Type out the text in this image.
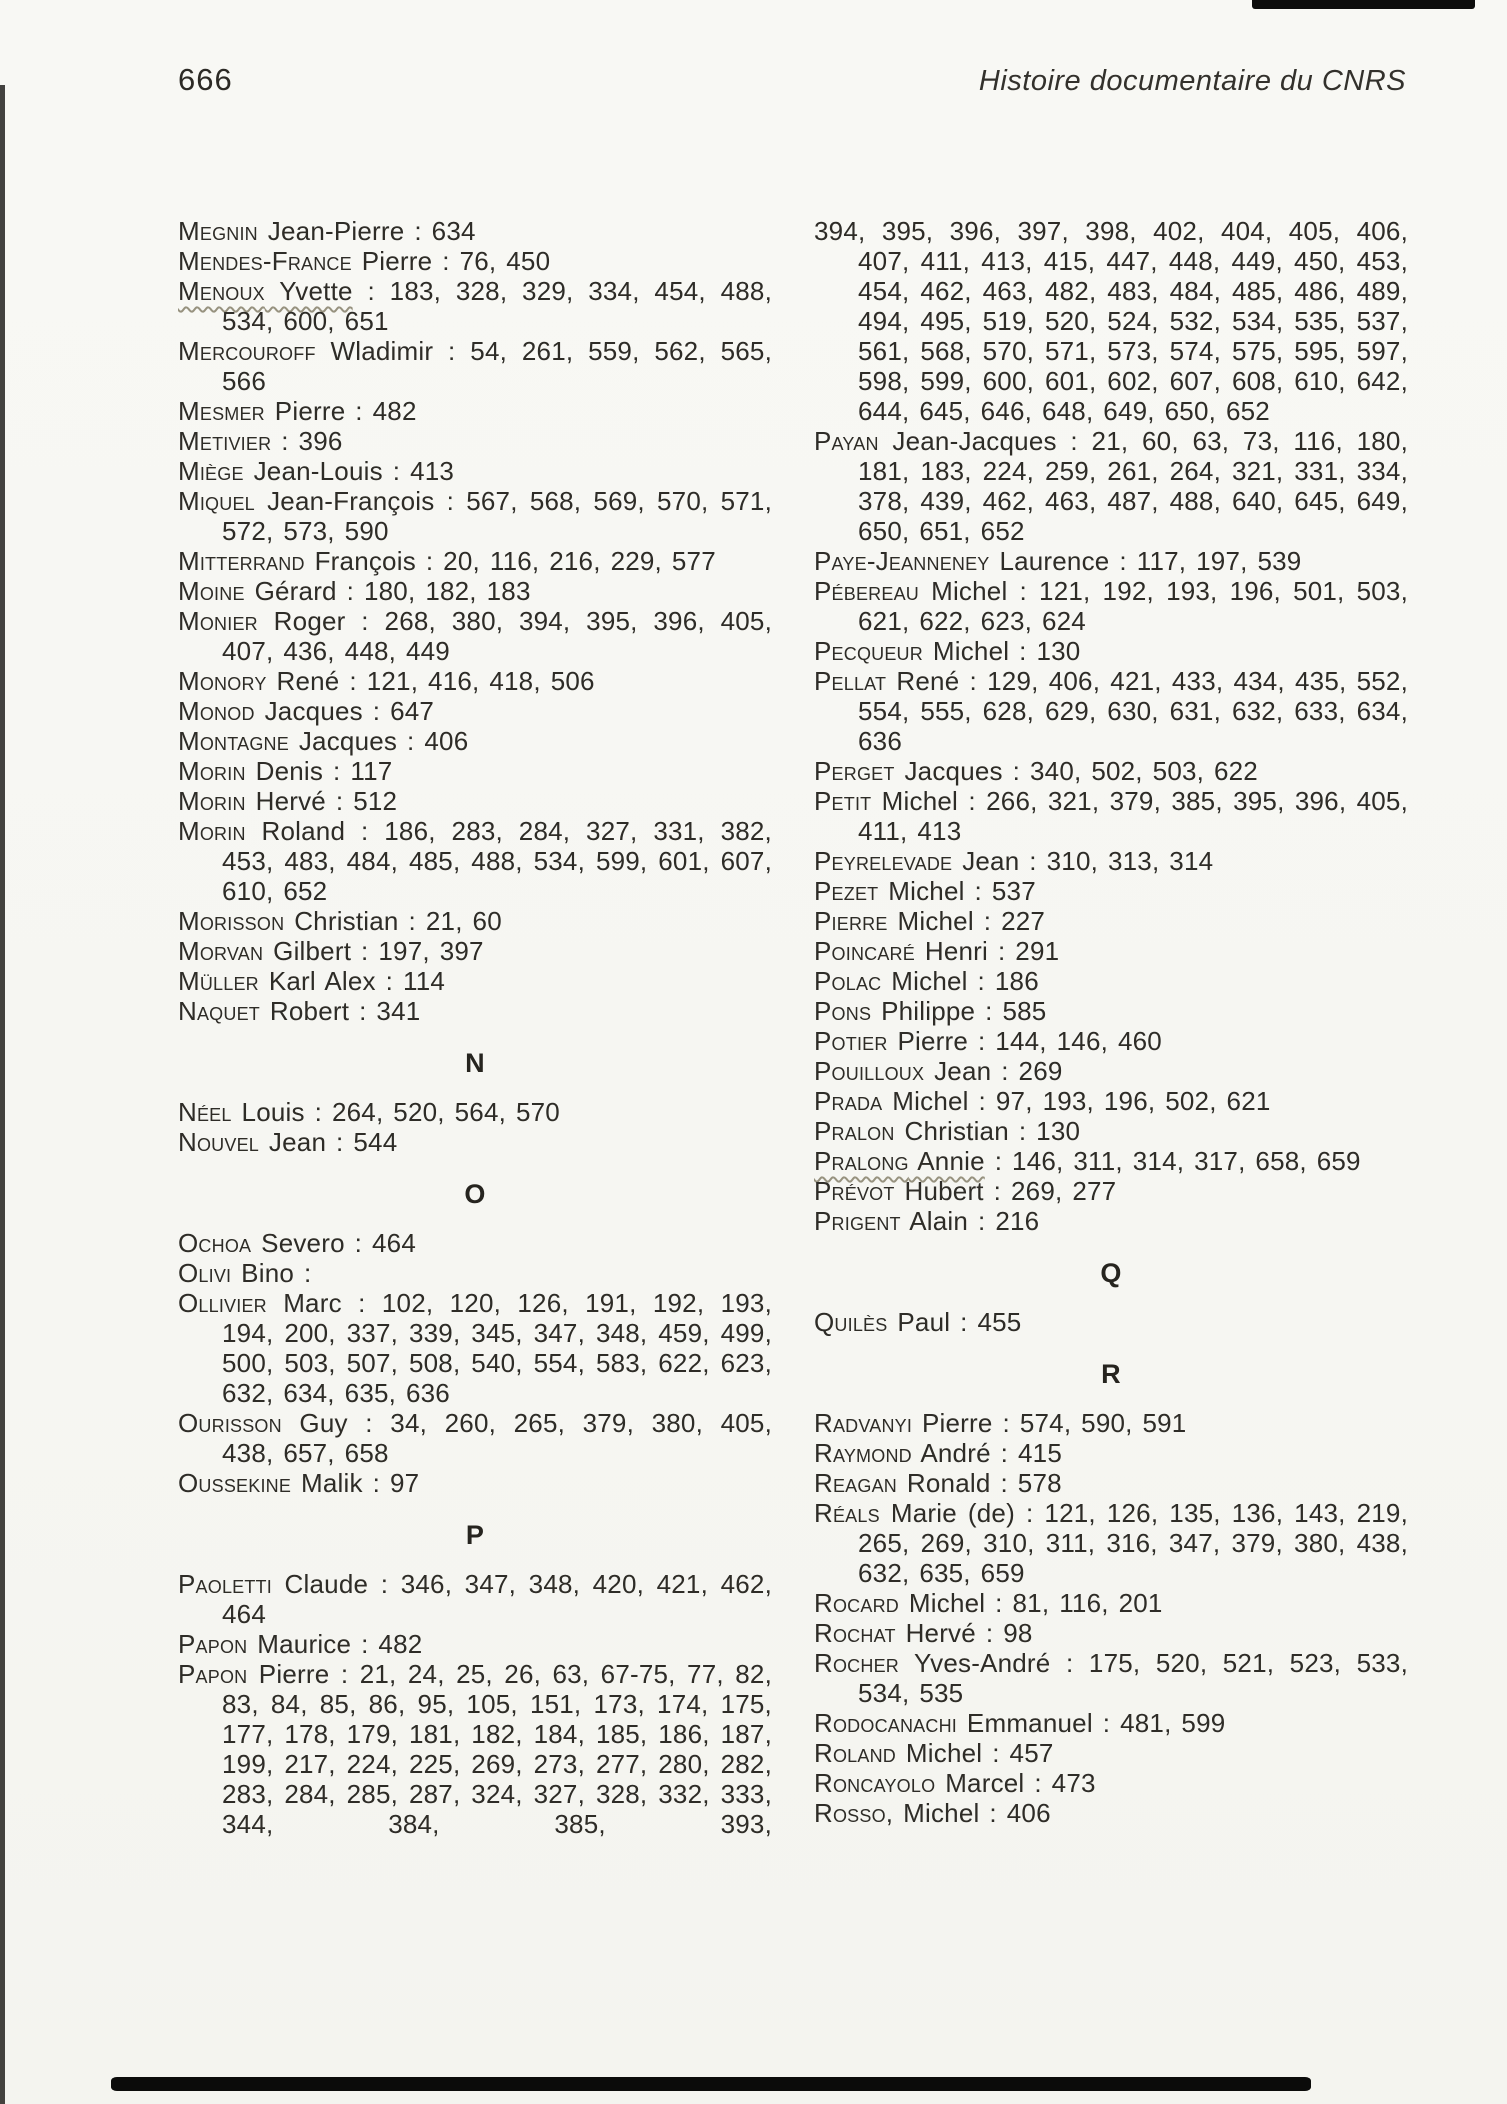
666	Histoire documentaire du CNRS
Megnin Jean-Pierre : 634
Mendes-France Pierre : 76, 450
Menoux Yvette : 183, 328, 329, 334, 454, 488, 534, 600, 651
Mercouroff Wladimir : 54, 261, 559, 562, 565, 566
Mesmer Pierre : 482
Metivier : 396
Miège Jean-Louis : 413
Miquel Jean-François : 567, 568, 569, 570, 571, 572, 573, 590
Mitterrand François : 20, 116, 216, 229, 577
Moine Gérard : 180, 182, 183
Monier Roger : 268, 380, 394, 395, 396, 405, 407, 436, 448, 449
Monory René : 121, 416, 418, 506
Monod Jacques : 647
Montagne Jacques : 406
Morin Denis : 117
Morin Hervé : 512
Morin Roland : 186, 283, 284, 327, 331, 382, 453, 483, 484, 485, 488, 534, 599, 601, 607, 610, 652
Morisson Christian : 21, 60
Morvan Gilbert : 197, 397
Müller Karl Alex : 114
Naquet Robert : 341
N
Néel Louis : 264, 520, 564, 570
Nouvel Jean : 544
O
Ochoa Severo : 464
Olivi Bino :
Ollivier Marc : 102, 120, 126, 191, 192, 193, 194, 200, 337, 339, 345, 347, 348, 459, 499, 500, 503, 507, 508, 540, 554, 583, 622, 623, 632, 634, 635, 636
Ourisson Guy : 34, 260, 265, 379, 380, 405, 438, 657, 658
Oussekine Malik : 97
P
Paoletti Claude : 346, 347, 348, 420, 421, 462, 464
Papon Maurice : 482
Papon Pierre : 21, 24, 25, 26, 63, 67-75, 77, 82, 83, 84, 85, 86, 95, 105, 151, 173, 174, 175, 177, 178, 179, 181, 182, 184, 185, 186, 187, 199, 217, 224, 225, 269, 273, 277, 280, 282, 283, 284, 285, 287, 324, 327, 328, 332, 333, 344, 384, 385, 393,
394, 395, 396, 397, 398, 402, 404, 405, 406, 407, 411, 413, 415, 447, 448, 449, 450, 453, 454, 462, 463, 482, 483, 484, 485, 486, 489, 494, 495, 519, 520, 524, 532, 534, 535, 537, 561, 568, 570, 571, 573, 574, 575, 595, 597, 598, 599, 600, 601, 602, 607, 608, 610, 642, 644, 645, 646, 648, 649, 650, 652
Payan Jean-Jacques : 21, 60, 63, 73, 116, 180, 181, 183, 224, 259, 261, 264, 321, 331, 334, 378, 439, 462, 463, 487, 488, 640, 645, 649, 650, 651, 652
Paye-Jeanneney Laurence : 117, 197, 539
Pébereau Michel : 121, 192, 193, 196, 501, 503, 621, 622, 623, 624
Pecqueur Michel : 130
Pellat René : 129, 406, 421, 433, 434, 435, 552, 554, 555, 628, 629, 630, 631, 632, 633, 634, 636
Perget Jacques : 340, 502, 503, 622
Petit Michel : 266, 321, 379, 385, 395, 396, 405, 411, 413
Peyrelevade Jean : 310, 313, 314
Pezet Michel : 537
Pierre Michel : 227
Poincaré Henri : 291
Polac Michel : 186
Pons Philippe : 585
Potier Pierre : 144, 146, 460
Pouilloux Jean : 269
Prada Michel : 97, 193, 196, 502, 621
Pralon Christian : 130
Pralong Annie : 146, 311, 314, 317, 658, 659
Prévot Hubert : 269, 277
Prigent Alain : 216
Q
Quilès Paul : 455
R
Radvanyi Pierre : 574, 590, 591
Raymond André : 415
Reagan Ronald : 578
Réals Marie (de) : 121, 126, 135, 136, 143, 219, 265, 269, 310, 311, 316, 347, 379, 380, 438, 632, 635, 659
Rocard Michel : 81, 116, 201
Rochat Hervé : 98
Rocher Yves-André : 175, 520, 521, 523, 533, 534, 535
Rodocanachi Emmanuel : 481, 599
Roland Michel : 457
Roncayolo Marcel : 473
Rosso, Michel : 406
